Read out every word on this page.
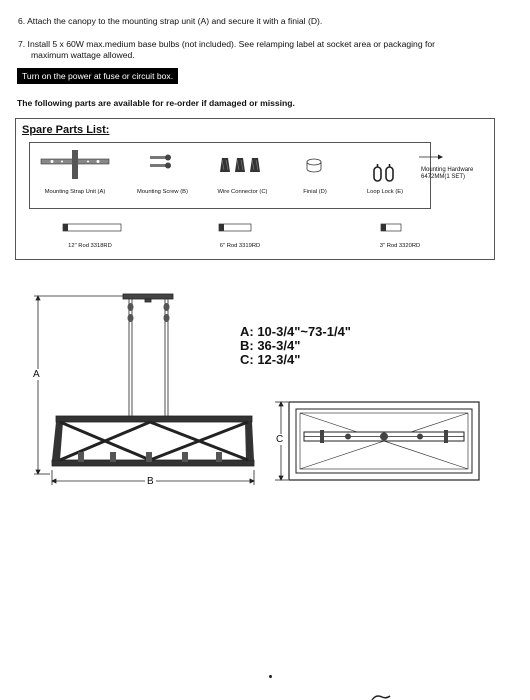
6. Attach the canopy to the mounting strap unit (A) and secure it with a finial (D).
7. Install 5 x 60W max.medium base bulbs (not included). See relamping label at socket area or packaging for
maximum wattage allowed.
Turn on the power at fuse or circuit box.
The following parts are available for re-order if damaged or missing.
Spare Parts List:
Mounting Strap Unit (A)	Mounting Screw (B)	Wire Connector (C)	Finial (D)	Loop Lock (E)
Mounting Hardware
6472MM(1 SET)
12" Rod 3318RD	6" Rod 3319RD	3" Rod 3320RD
A: 10-3/4"~73-1/4"
B: 36-3/4"
C: 12-3/4"
A
B
C
